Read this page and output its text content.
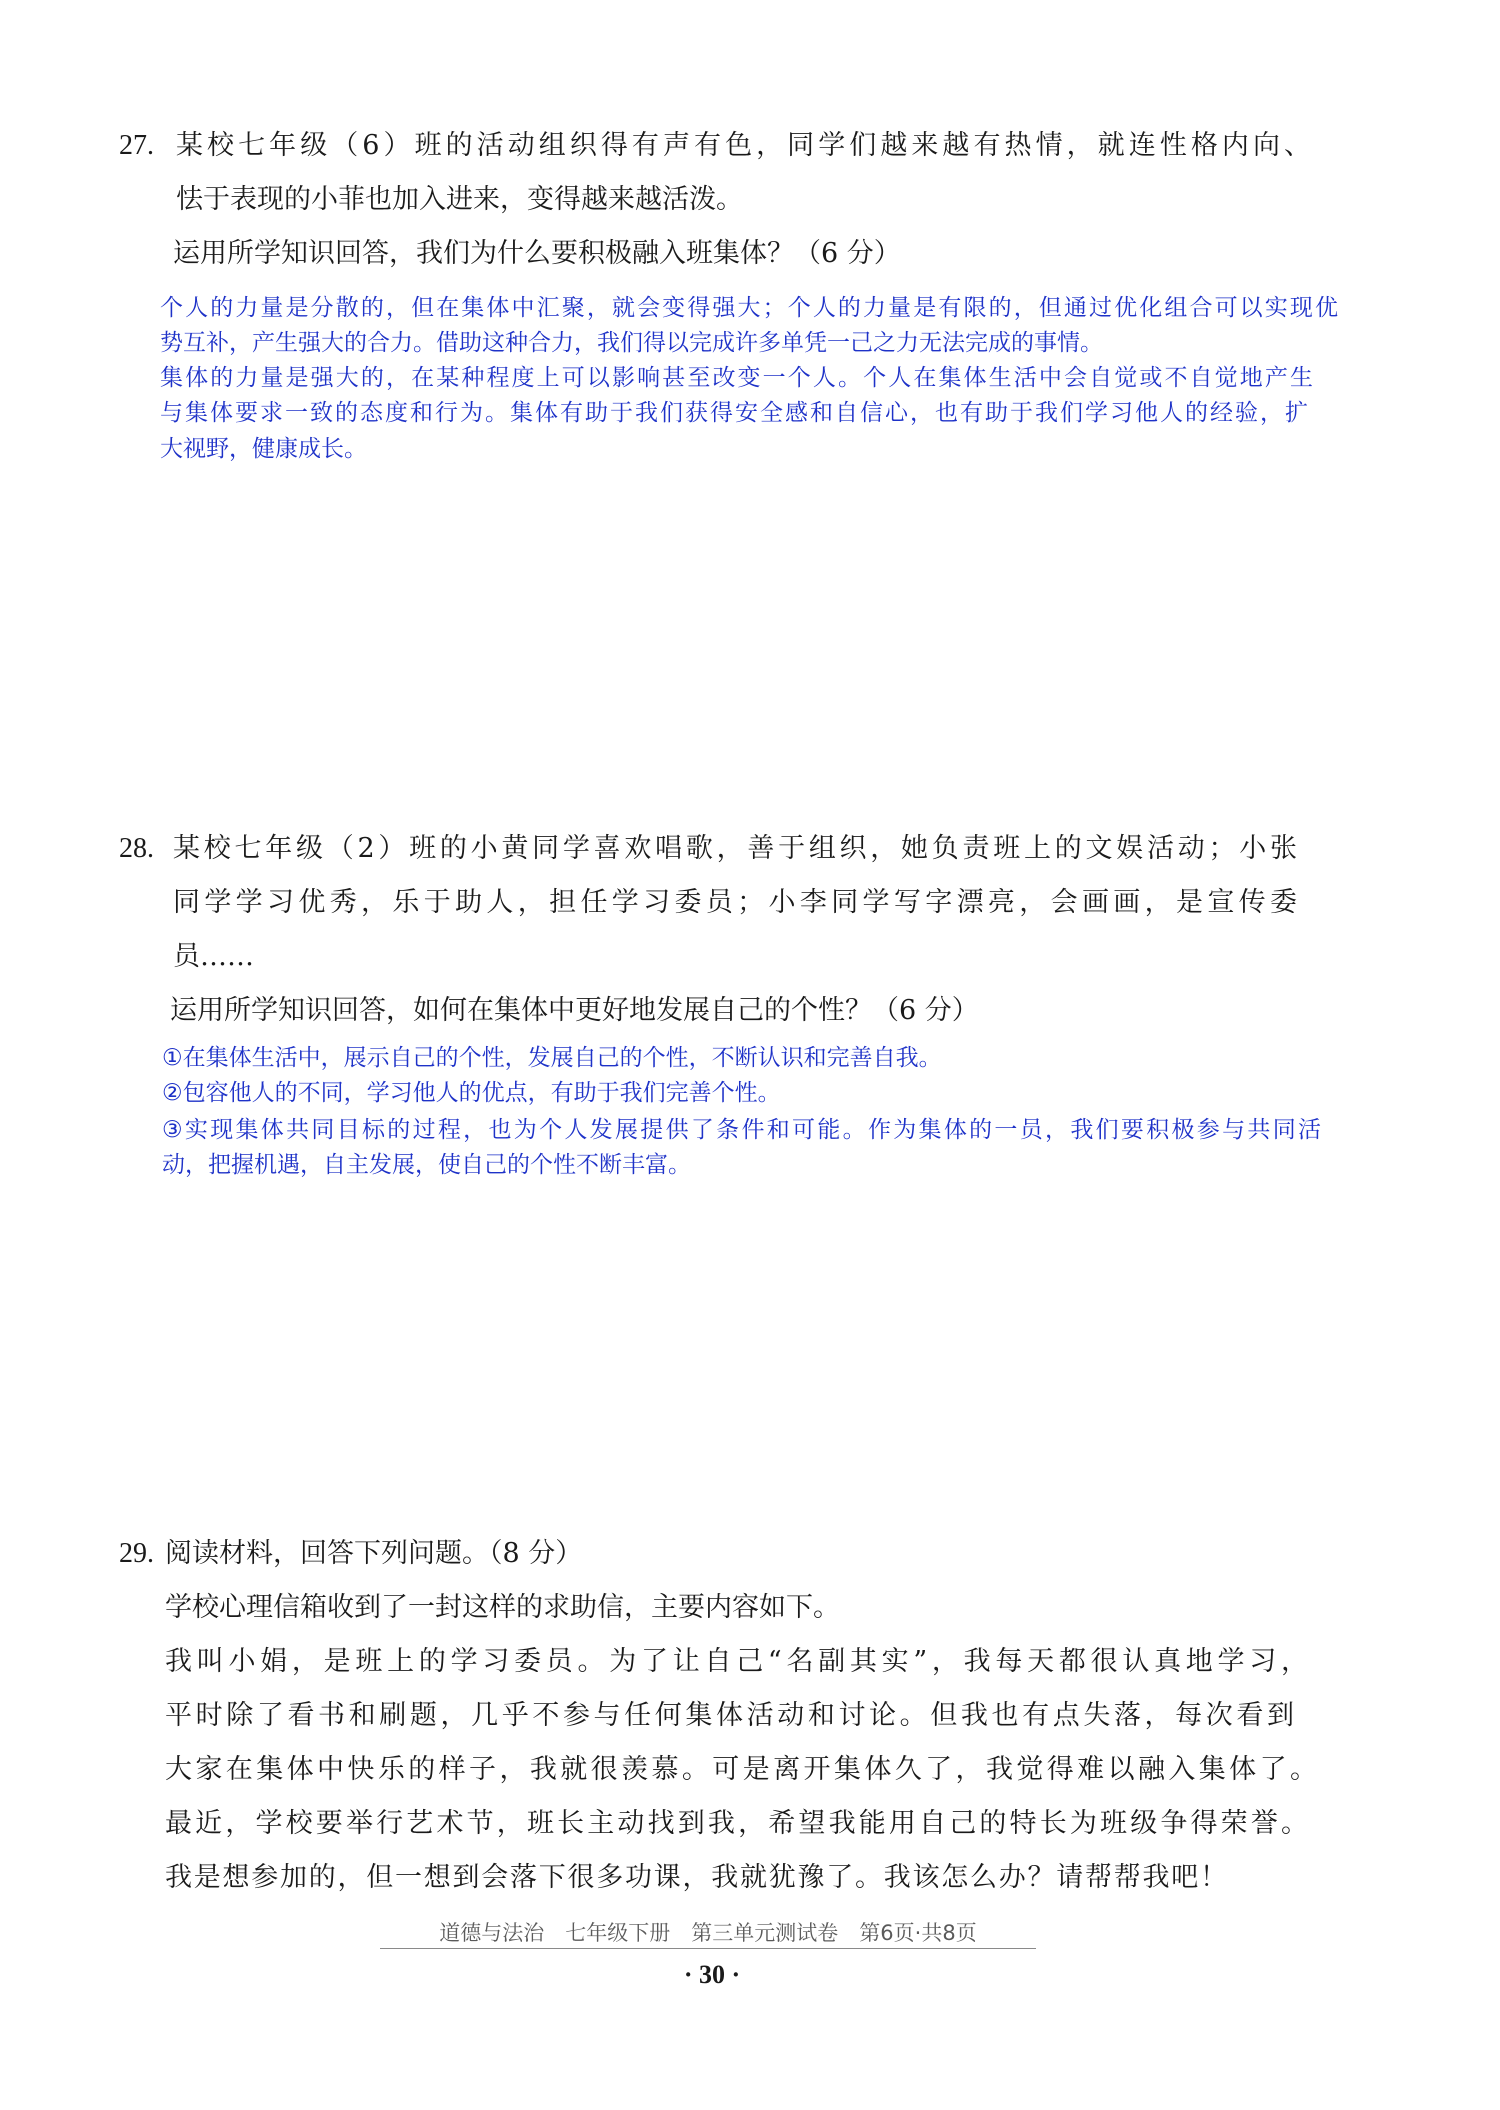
27. 某校七年级（6）班的活动组织得有声有色，同学们越来越有热情，就连性格内向、
怯于表现的小菲也加入进来，变得越来越活泼。
运用所学知识回答，我们为什么要积极融入班集体？（6 分）
个人的力量是分散的，但在集体中汇聚，就会变得强大；个人的力量是有限的，但通过优化组合可以实现优
势互补，产生强大的合力。借助这种合力，我们得以完成许多单凭一己之力无法完成的事情。
集体的力量是强大的，在某种程度上可以影响甚至改变一个人。个人在集体生活中会自觉或不自觉地产生
与集体要求一致的态度和行为。集体有助于我们获得安全感和自信心，也有助于我们学习他人的经验，扩
大视野，健康成长。
28. 某校七年级（2）班的小黄同学喜欢唱歌，善于组织，她负责班上的文娱活动；小张
同学学习优秀，乐于助人，担任学习委员；小李同学写字漂亮，会画画，是宣传委
员……
运用所学知识回答，如何在集体中更好地发展自己的个性？（6 分）
①在集体生活中，展示自己的个性，发展自己的个性，不断认识和完善自我。
②包容他人的不同，学习他人的优点，有助于我们完善个性。
③实现集体共同目标的过程，也为个人发展提供了条件和可能。作为集体的一员，我们要积极参与共同活
动，把握机遇，自主发展，使自己的个性不断丰富。
29. 阅读材料，回答下列问题。（8 分）
学校心理信箱收到了一封这样的求助信，主要内容如下。
我叫小娟，是班上的学习委员。为了让自己“名副其实”，我每天都很认真地学习，
平时除了看书和刷题，几乎不参与任何集体活动和讨论。但我也有点失落，每次看到
大家在集体中快乐的样子，我就很羡慕。可是离开集体久了，我觉得难以融入集体了。
最近，学校要举行艺术节，班长主动找到我，希望我能用自己的特长为班级争得荣誉。
我是想参加的，但一想到会落下很多功课，我就犹豫了。我该怎么办？请帮帮我吧！
道德与法治　七年级下册　第三单元测试卷　第6页·共8页
· 30 ·
